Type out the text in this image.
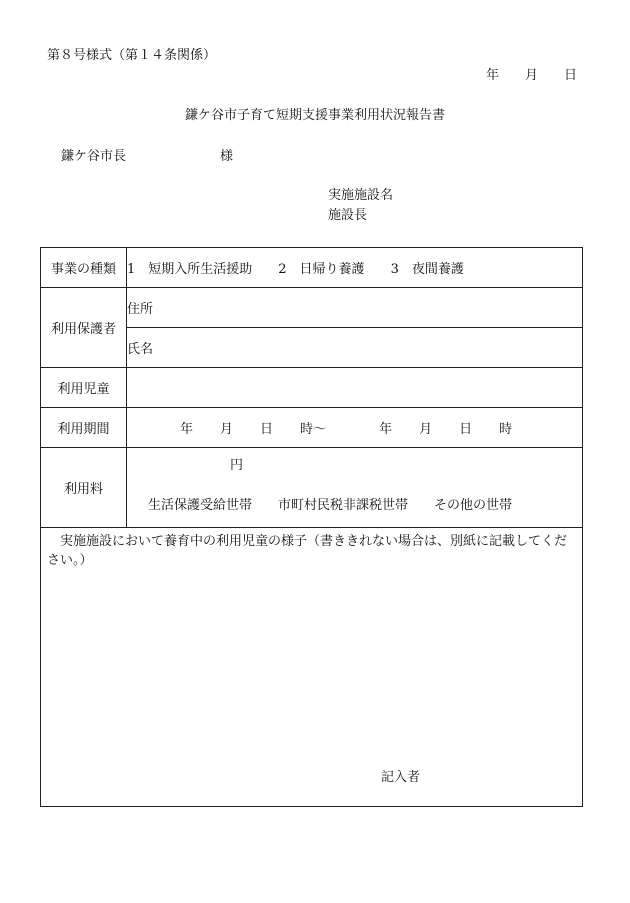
第８号様式（第１４条関係）
年 月 日
鎌ケ谷市子育て短期支援事業利用状況報告書
鎌ケ谷市長	様
実施施設名
施設長
事業の種類	1　短期入所生活援助 2　日帰り養護 3　夜間養護
利用保護者	住所
	氏名
利用児童	
利用期間	年 月 日 時～ 年 月 日 時
利用料	円
生活保護受給世帯 市町村民税非課税世帯 その他の世帯

実施施設において養育中の利用児童の様子（書ききれない場合は、別紙に記載してください。）
記入者	
